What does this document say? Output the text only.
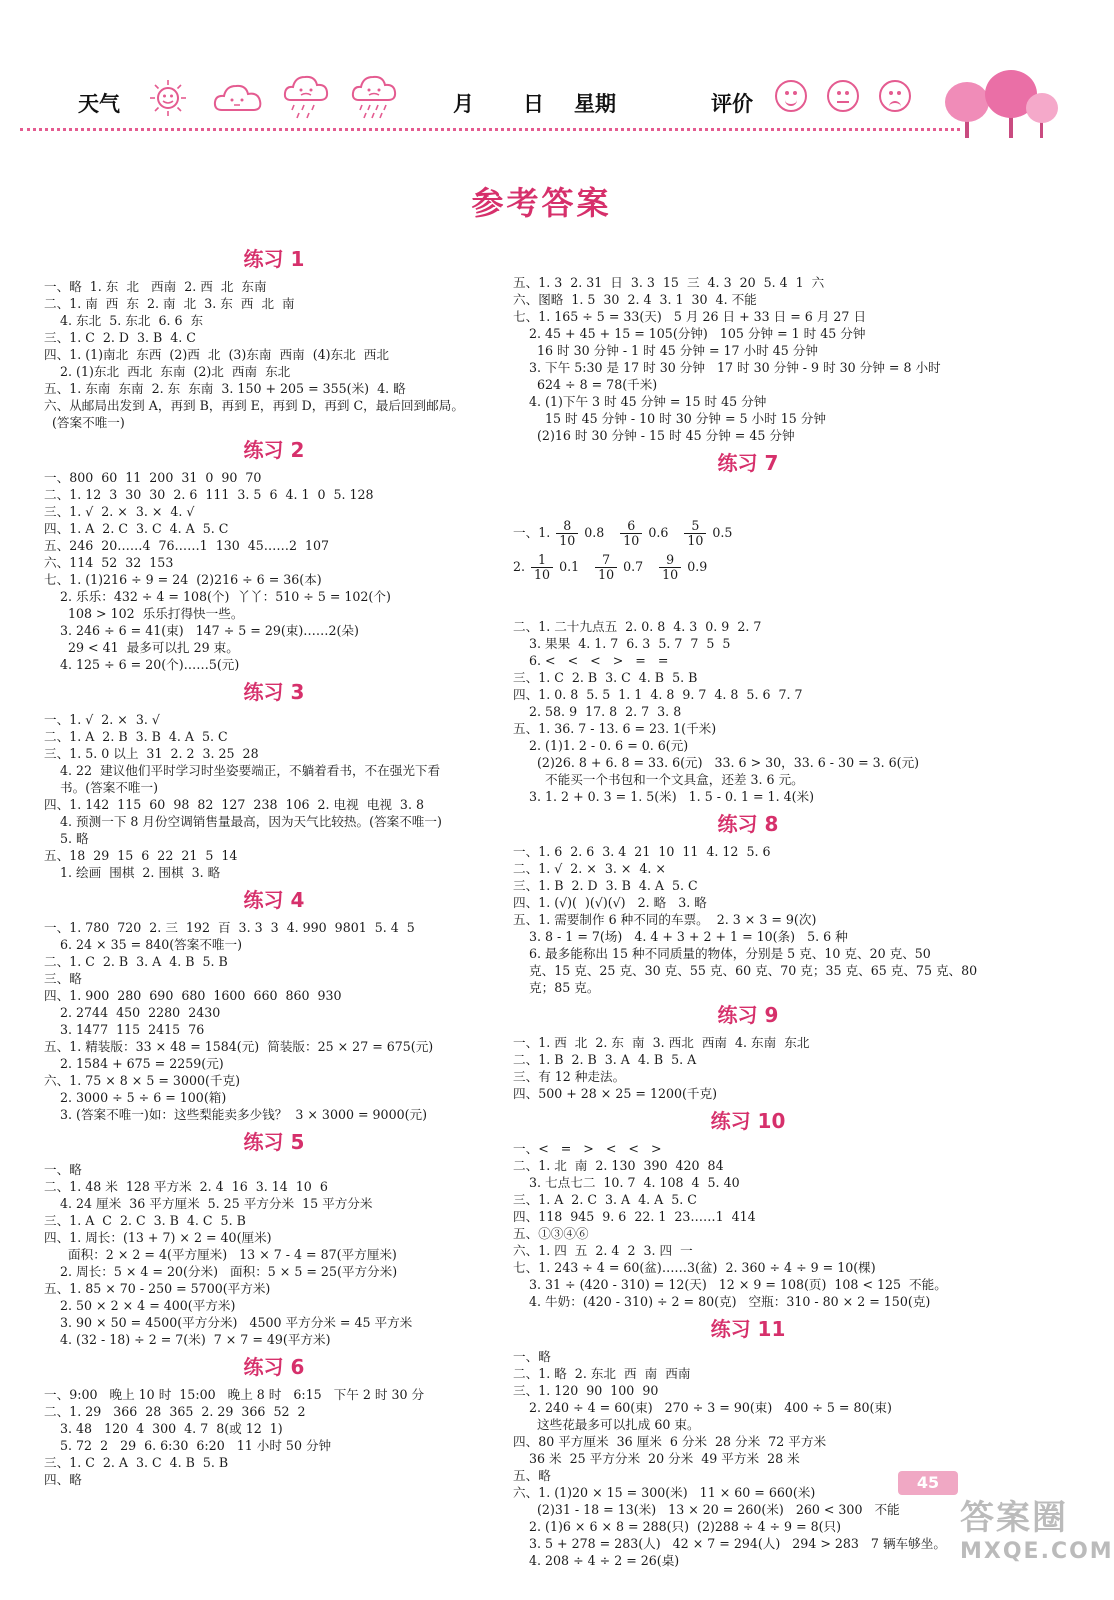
天气	月 日 星期	评价
参考答案
练习 1
一、略  1. 东  北   西南  2. 西  北  东南
二、1. 南  西  东  2. 南  北  3. 东  西  北  南
4. 东北  5. 东北  6. 6  东
三、1. C  2. D  3. B  4. C
四、1. (1)南北  东西  (2)西  北  (3)东南  西南  (4)东北  西北
2. (1)东北  西北  东南  (2)北  西南  东北
五、1. 东南  东南  2. 东  东南  3. 150 + 205 = 355(米)  4. 略
六、从邮局出发到 A，再到 B，再到 E，再到 D，再到 C，最后回到邮局。
(答案不唯一)
练习 2
一、800  60  11  200  31  0  90  70
二、1. 12  3  30  30  2. 6  111  3. 5  6  4. 1  0  5. 128
三、1. √  2. ×  3. ×  4. √
四、1. A  2. C  3. C  4. A  5. C
五、246  20……4  76……1  130  45……2  107
六、114  52  32  153
七、1. (1)216 ÷ 9 = 24  (2)216 ÷ 6 = 36(本)
2. 乐乐：432 ÷ 4 = 108(个)  丫丫：510 ÷ 5 = 102(个)
108 > 102  乐乐打得快一些。
3. 246 ÷ 6 = 41(束)   147 ÷ 5 = 29(束)……2(朵)
29 < 41  最多可以扎 29 束。
4. 125 ÷ 6 = 20(个)……5(元)
练习 3
一、1. √  2. ×  3. √
二、1. A  2. B  3. B  4. A  5. C
三、1. 5. 0 以上  31  2. 2  3. 25  28
4. 22  建议他们平时学习时坐姿要端正，不躺着看书，不在强光下看
书。(答案不唯一)
四、1. 142  115  60  98  82  127  238  106  2. 电视  电视  3. 8
4. 预测一下 8 月份空调销售量最高，因为天气比较热。(答案不唯一)
5. 略
五、18  29  15  6  22  21  5  14
1. 绘画  围棋  2. 围棋  3. 略
练习 4
一、1. 780  720  2. 三  192  百  3. 3  3  4. 990  9801  5. 4  5
6. 24 × 35 = 840(答案不唯一)
二、1. C  2. B  3. A  4. B  5. B
三、略
四、1. 900  280  690  680  1600  660  860  930
2. 2744  450  2280  2430
3. 1477  115  2415  76
五、1. 精装版：33 × 48 = 1584(元)  简装版：25 × 27 = 675(元)
2. 1584 + 675 = 2259(元)
六、1. 75 × 8 × 5 = 3000(千克)
2. 3000 ÷ 5 ÷ 6 = 100(箱)
3. (答案不唯一)如：这些梨能卖多少钱？  3 × 3000 = 9000(元)
练习 5
一、略
二、1. 48 米  128 平方米  2. 4  16  3. 14  10  6
4. 24 厘米  36 平方厘米  5. 25 平方分米  15 平方分米
三、1. A  C  2. C  3. B  4. C  5. B
四、1. 周长：(13 + 7) × 2 = 40(厘米)
面积：2 × 2 = 4(平方厘米)   13 × 7 - 4 = 87(平方厘米)
2. 周长：5 × 4 = 20(分米)   面积：5 × 5 = 25(平方分米)
五、1. 85 × 70 - 250 = 5700(平方米)
2. 50 × 2 × 4 = 400(平方米)
3. 90 × 50 = 4500(平方分米)   4500 平方分米 = 45 平方米
4. (32 - 18) ÷ 2 = 7(米)  7 × 7 = 49(平方米)
练习 6
一、9:00   晚上 10 时  15:00   晚上 8 时   6:15   下午 2 时 30 分
二、1. 29   366  28  365  2. 29  366  52  2
3. 48   120  4  300  4. 7  8(或 12  1)
5. 72  2   29  6. 6:30  6:20   11 小时 50 分钟
三、1. C  2. A  3. C  4. B  5. B
四、略

五、1. 3  2. 31  日  3. 3  15  三  4. 3  20  5. 4  1  六
六、图略  1. 5  30  2. 4  3. 1  30  4. 不能
七、1. 165 ÷ 5 = 33(天)   5 月 26 日 + 33 日 = 6 月 27 日
2. 45 + 45 + 15 = 105(分钟)   105 分钟 = 1 时 45 分钟
16 时 30 分钟 - 1 时 45 分钟 = 17 小时 45 分钟
3. 下午 5:30 是 17 时 30 分钟   17 时 30 分钟 - 9 时 30 分钟 = 8 小时
624 ÷ 8 = 78(千米)
4. (1)下午 3 时 45 分钟 = 15 时 45 分钟
15 时 45 分钟 - 10 时 30 分钟 = 5 小时 15 分钟
(2)16 时 30 分钟 - 15 时 45 分钟 = 45 分钟
练习 7

一、1. $\frac{8}{10} 0.8 \frac{6}{10} 0.6 \frac{5}{10} 0.5$
2. $\frac{1}{10} 0.1 \frac{7}{10} 0.7 \frac{9}{10} 0.9$

二、1. 二十九点五  2. 0. 8  4. 3  0. 9  2. 7
3. 果果  4. 1. 7  6. 3  5. 7  7  5  5
6. <   <   <   >   =   =
三、1. C  2. B  3. C  4. B  5. B
四、1. 0. 8  5. 5  1. 1  4. 8  9. 7  4. 8  5. 6  7. 7
2. 58. 9  17. 8  2. 7  3. 8
五、1. 36. 7 - 13. 6 = 23. 1(千米)
2. (1)1. 2 - 0. 6 = 0. 6(元)
(2)26. 8 + 6. 8 = 33. 6(元)   33. 6 > 30，33. 6 - 30 = 3. 6(元)
不能买一个书包和一个文具盒，还差 3. 6 元。
3. 1. 2 + 0. 3 = 1. 5(米)   1. 5 - 0. 1 = 1. 4(米)
练习 8
一、1. 6  2. 6  3. 4  21  10  11  4. 12  5. 6
二、1. √  2. ×  3. ×  4. ×
三、1. B  2. D  3. B  4. A  5. C
四、1. (√)(  )(√)(√)   2. 略   3. 略
五、1. 需要制作 6 种不同的车票。  2. 3 × 3 = 9(次)
3. 8 - 1 = 7(场)   4. 4 + 3 + 2 + 1 = 10(条)   5. 6 种
6. 最多能称出 15 种不同质量的物体，分别是 5 克、10 克、20 克、50
克、15 克、25 克、30 克、55 克、60 克、70 克；35 克、65 克、75 克、80
克；85 克。
练习 9
一、1. 西  北  2. 东  南  3. 西北  西南  4. 东南  东北
二、1. B  2. B  3. A  4. B  5. A
三、有 12 种走法。
四、500 + 28 × 25 = 1200(千克)
练习 10
一、<   =   >   <   <   >
二、1. 北  南  2. 130  390  420  84
3. 七点七二  10. 7  4. 108  4  5. 40
三、1. A  2. C  3. A  4. A  5. C
四、118  945  9. 6  22. 1  23……1  414
五、①③④⑥
六、1. 四  五  2. 4  2  3. 四  一
七、1. 243 ÷ 4 = 60(盆)……3(盆)  2. 360 ÷ 4 ÷ 9 = 10(棵)
3. 31 ÷ (420 - 310) = 12(天)   12 × 9 = 108(页)  108 < 125  不能。
4. 牛奶：(420 - 310) ÷ 2 = 80(克)   空瓶：310 - 80 × 2 = 150(克)
练习 11
一、略
二、1. 略  2. 东北  西  南  西南
三、1. 120  90  100  90
2. 240 ÷ 4 = 60(束)   270 ÷ 3 = 90(束)   400 ÷ 5 = 80(束)
这些花最多可以扎成 60 束。
四、80 平方厘米  36 厘米  6 分米  28 分米  72 平方米
36 米  25 平方分米  20 分米  49 平方米  28 米
五、略
六、1. (1)20 × 15 = 300(米)   11 × 60 = 660(米)
(2)31 - 18 = 13(米)   13 × 20 = 260(米)   260 < 300   不能
2. (1)6 × 6 × 8 = 288(只)  (2)288 ÷ 4 ÷ 9 = 8(只)
3. 5 + 278 = 283(人)   42 × 7 = 294(人)   294 > 283   7 辆车够坐。
4. 208 ÷ 4 ÷ 2 = 26(桌)

45
答案圈
MXQE.COM
